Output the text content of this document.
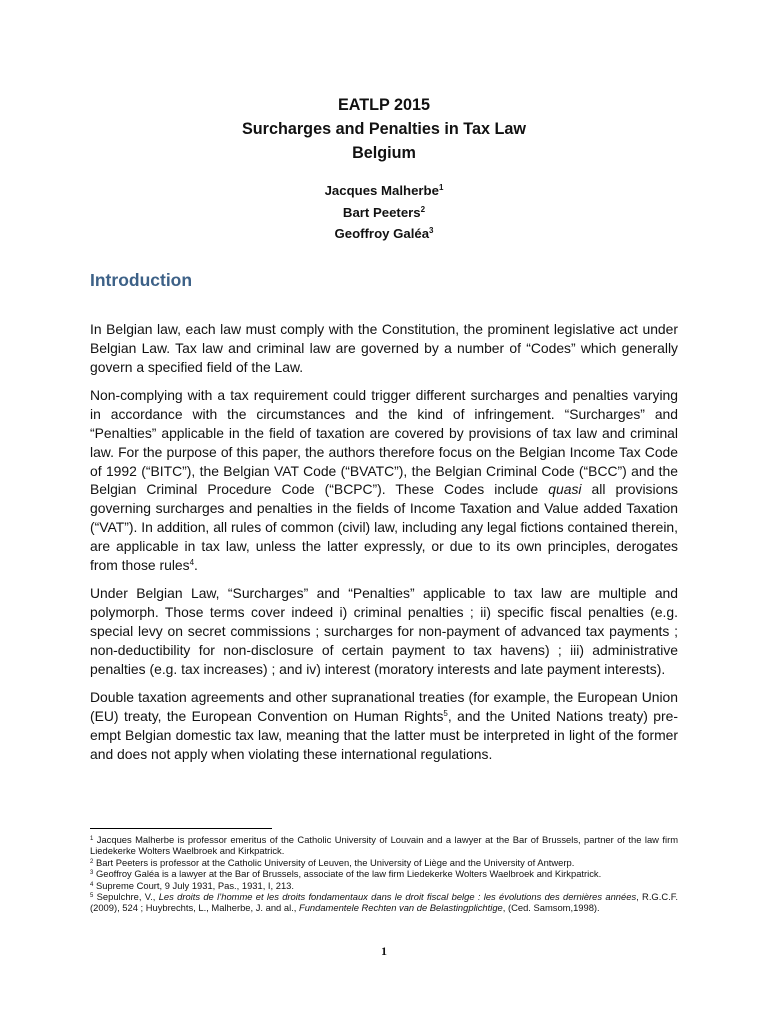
EATLP 2015
Surcharges and Penalties in Tax Law
Belgium
Jacques Malherbe$^1$
Bart Peeters$^2$
Geoffroy Galéa$^3$
Introduction

In Belgian law, each law must comply with the Constitution, the prominent legislative act under Belgian Law. Tax law and criminal law are governed by a number of “Codes” which generally govern a specified field of the Law.

Non-complying with a tax requirement could trigger different surcharges and penalties varying in accordance with the circumstances and the kind of infringement. “Surcharges” and “Penalties” applicable in the field of taxation are covered by provisions of tax law and criminal law. For the purpose of this paper, the authors therefore focus on the Belgian Income Tax Code of 1992 (“BITC”), the Belgian VAT Code (“BVATC”), the Belgian Criminal Code (“BCC”) and the Belgian Criminal Procedure Code (“BCPC”). These Codes include quasi all provisions governing surcharges and penalties in the fields of Income Taxation and Value added Taxation (“VAT”). In addition, all rules of common (civil) law, including any legal fictions contained therein, are applicable in tax law, unless the latter expressly, or due to its own principles, derogates from those rules$^4$.

Under Belgian Law, “Surcharges” and “Penalties” applicable to tax law are multiple and polymorph. Those terms cover indeed i) criminal penalties ; ii) specific fiscal penalties (e.g. special levy on secret commissions ; surcharges for non-payment of advanced tax payments ; non-deductibility for non-disclosure of certain payment to tax havens) ; iii) administrative penalties (e.g. tax increases) ; and iv) interest (moratory interests and late payment interests).

Double taxation agreements and other supranational treaties (for example, the European Union (EU) treaty, the European Convention on Human Rights$^5$, and the United Nations treaty) pre-empt Belgian domestic tax law, meaning that the latter must be interpreted in light of the former and does not apply when violating these international regulations.

$^1$ Jacques Malherbe is professor emeritus of the Catholic University of Louvain and a lawyer at the Bar of Brussels, partner of the law firm Liedekerke Wolters Waelbroek and Kirkpatrick.

$^2$ Bart Peeters is professor at the Catholic University of Leuven, the University of Liège and the University of Antwerp.

$^3$ Geoffroy Galéa is a lawyer at the Bar of Brussels, associate of the law firm Liedekerke Wolters Waelbroek and Kirkpatrick.

$^4$ Supreme Court, 9 July 1931, Pas., 1931, I, 213.

$^5$ Sepulchre, V., Les droits de l’homme et les droits fondamentaux dans le droit fiscal belge : les évolutions des dernières années, R.G.C.F. (2009), 524 ; Huybrechts, L., Malherbe, J. and al., Fundamentele Rechten van de Belastingplichtige, (Ced. Samsom,1998).

1
